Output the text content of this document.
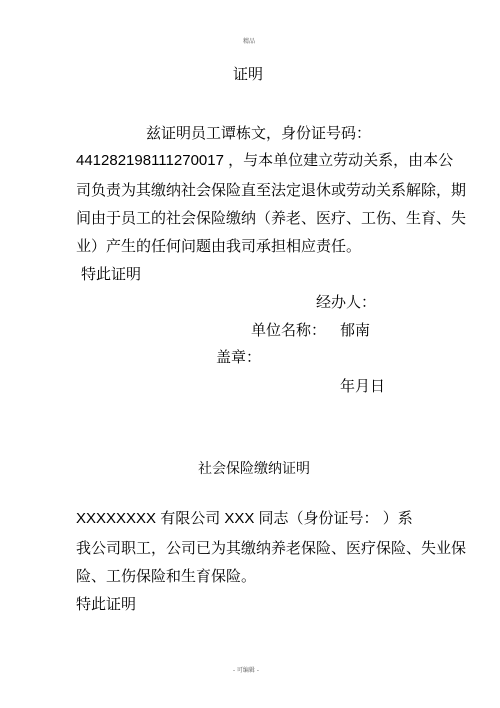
精品
证明
兹证明员工谭栋文，身份证号码：
441282198111270017 ，与本单位建立劳动关系，由本公
司负责为其缴纳社会保险直至法定退休或劳动关系解除，期
间由于员工的社会保险缴纳（养老、医疗、工伤、生育、失
业）产生的任何问题由我司承担相应责任。
特此证明
经办人：
单位名称： 郁南
盖章：
年月日
社会保险缴纳证明
XXXXXXXX 有限公司 XXX 同志（身份证号： ）系
我公司职工，公司已为其缴纳养老保险、医疗保险、失业保
险、工伤保险和生育保险。
特此证明
- 可编辑 -
